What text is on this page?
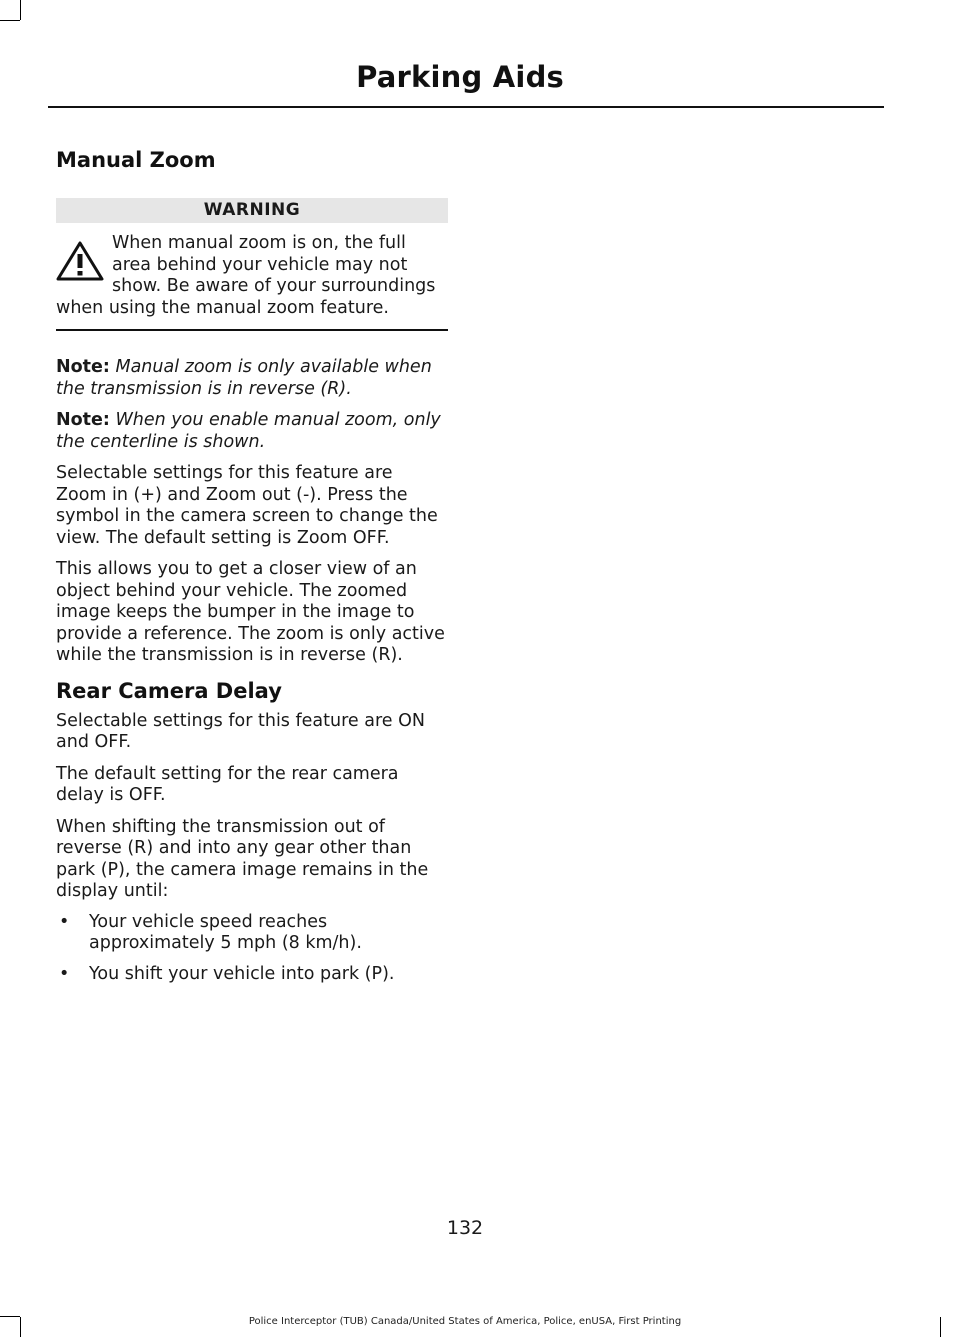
Parking Aids
Manual Zoom
WARNING

When manual zoom is on, the full area behind your vehicle may not show. Be aware of your surroundings when using the manual zoom feature.

Note: Manual zoom is only available when the transmission is in reverse (R).

Note: When you enable manual zoom, only the centerline is shown.

Selectable settings for this feature are Zoom in (+) and Zoom out (-). Press the symbol in the camera screen to change the view. The default setting is Zoom OFF.

This allows you to get a closer view of an object behind your vehicle. The zoomed image keeps the bumper in the image to provide a reference. The zoom is only active while the transmission is in reverse (R).

Rear Camera Delay

Selectable settings for this feature are ON and OFF.

The default setting for the rear camera delay is OFF.

When shifting the transmission out of reverse (R) and into any gear other than park (P), the camera image remains in the display until:

• Your vehicle speed reaches approximately 5 mph (8 km/h).
• You shift your vehicle into park (P).
132
Police Interceptor (TUB) Canada/United States of America, Police, enUSA, First Printing
